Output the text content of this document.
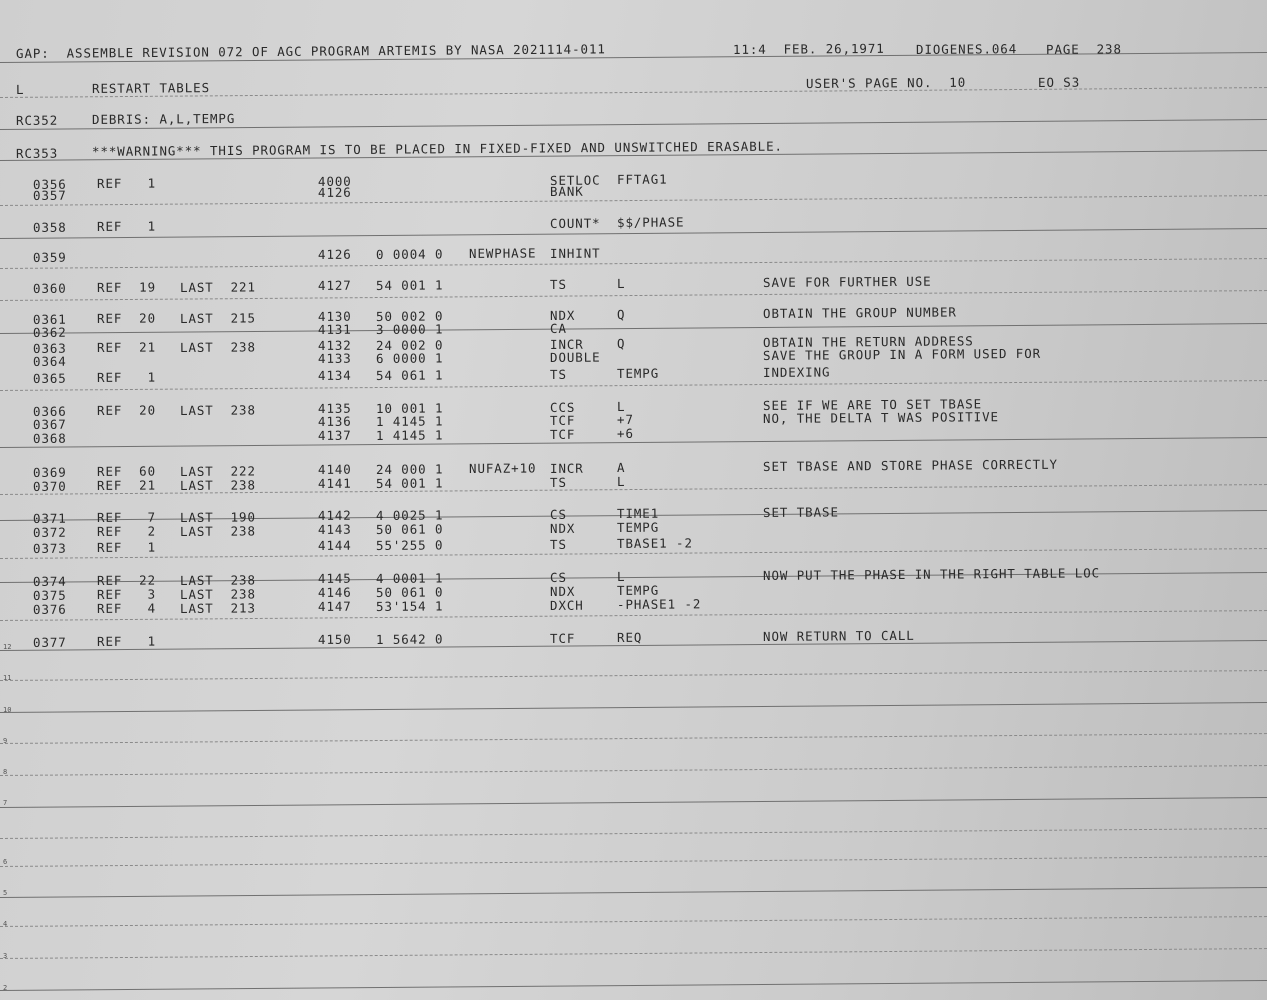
GAP:  ASSEMBLE REVISION 072 OF AGC PROGRAM ARTEMIS BY NASA 2021114-011	11:4  FEB. 26,1971 DIOGENES.064 PAGE  238
L	RESTART TABLES	USER'S PAGE NO.  10	EO S3
RC352	DEBRIS: A,L,TEMPG
RC353	***WARNING*** THIS PROGRAM IS TO BE PLACED IN FIXED-FIXED AND UNSWITCHED ERASABLE.
0356 REF   1	4000	SETLOC FFTAG1
0357	4126	BANK
0358 REF   1	COUNT* $$/PHASE
0359	4126 0 0004 0 NEWPHASE INHINT
0360 REF  19 LAST  221	4127 54 001 1	TS	L	SAVE FOR FURTHER USE
0361 REF  20 LAST  215	4130 50 002 0	NDX	Q	OBTAIN THE GROUP NUMBER
0362	4131 3 0000 1	CA
0363 REF  21 LAST  238	4132 24 002 0	INCR	Q	OBTAIN THE RETURN ADDRESS
0364	4133 6 0000 1	DOUBLE	SAVE THE GROUP IN A FORM USED FOR
0365 REF   1	4134 54 061 1	TS	TEMPG	INDEXING
0366 REF  20 LAST  238	4135 10 001 1	CCS	L	SEE IF WE ARE TO SET TBASE
0367	4136 1 4145 1	TCF	+7	NO, THE DELTA T WAS POSITIVE
0368	4137 1 4145 1	TCF	+6
0369 REF  60 LAST  222	4140 24 000 1 NUFAZ+10 INCR	A	SET TBASE AND STORE PHASE CORRECTLY
0370 REF  21 LAST  238	4141 54 001 1	TS	L
0371 REF   7 LAST  190	4142 4 0025 1	CS	TIME1	SET TBASE
0372 REF   2 LAST  238	4143 50 061 0	NDX	TEMPG
0373 REF   1	4144 55'255 0	TS	TBASE1 -2
0374 REF  22 LAST  238	4145 4 0001 1	CS	L	NOW PUT THE PHASE IN THE RIGHT TABLE LOC
0375 REF   3 LAST  238	4146 50 061 0	NDX	TEMPG
0376 REF   4 LAST  213	4147 53'154 1	DXCH	-PHASE1 -2
0377 REF   1	4150 1 5642 0	TCF	REQ	NOW RETURN TO CALL
12
11
10
9
8
7
6
5
4
3
2
